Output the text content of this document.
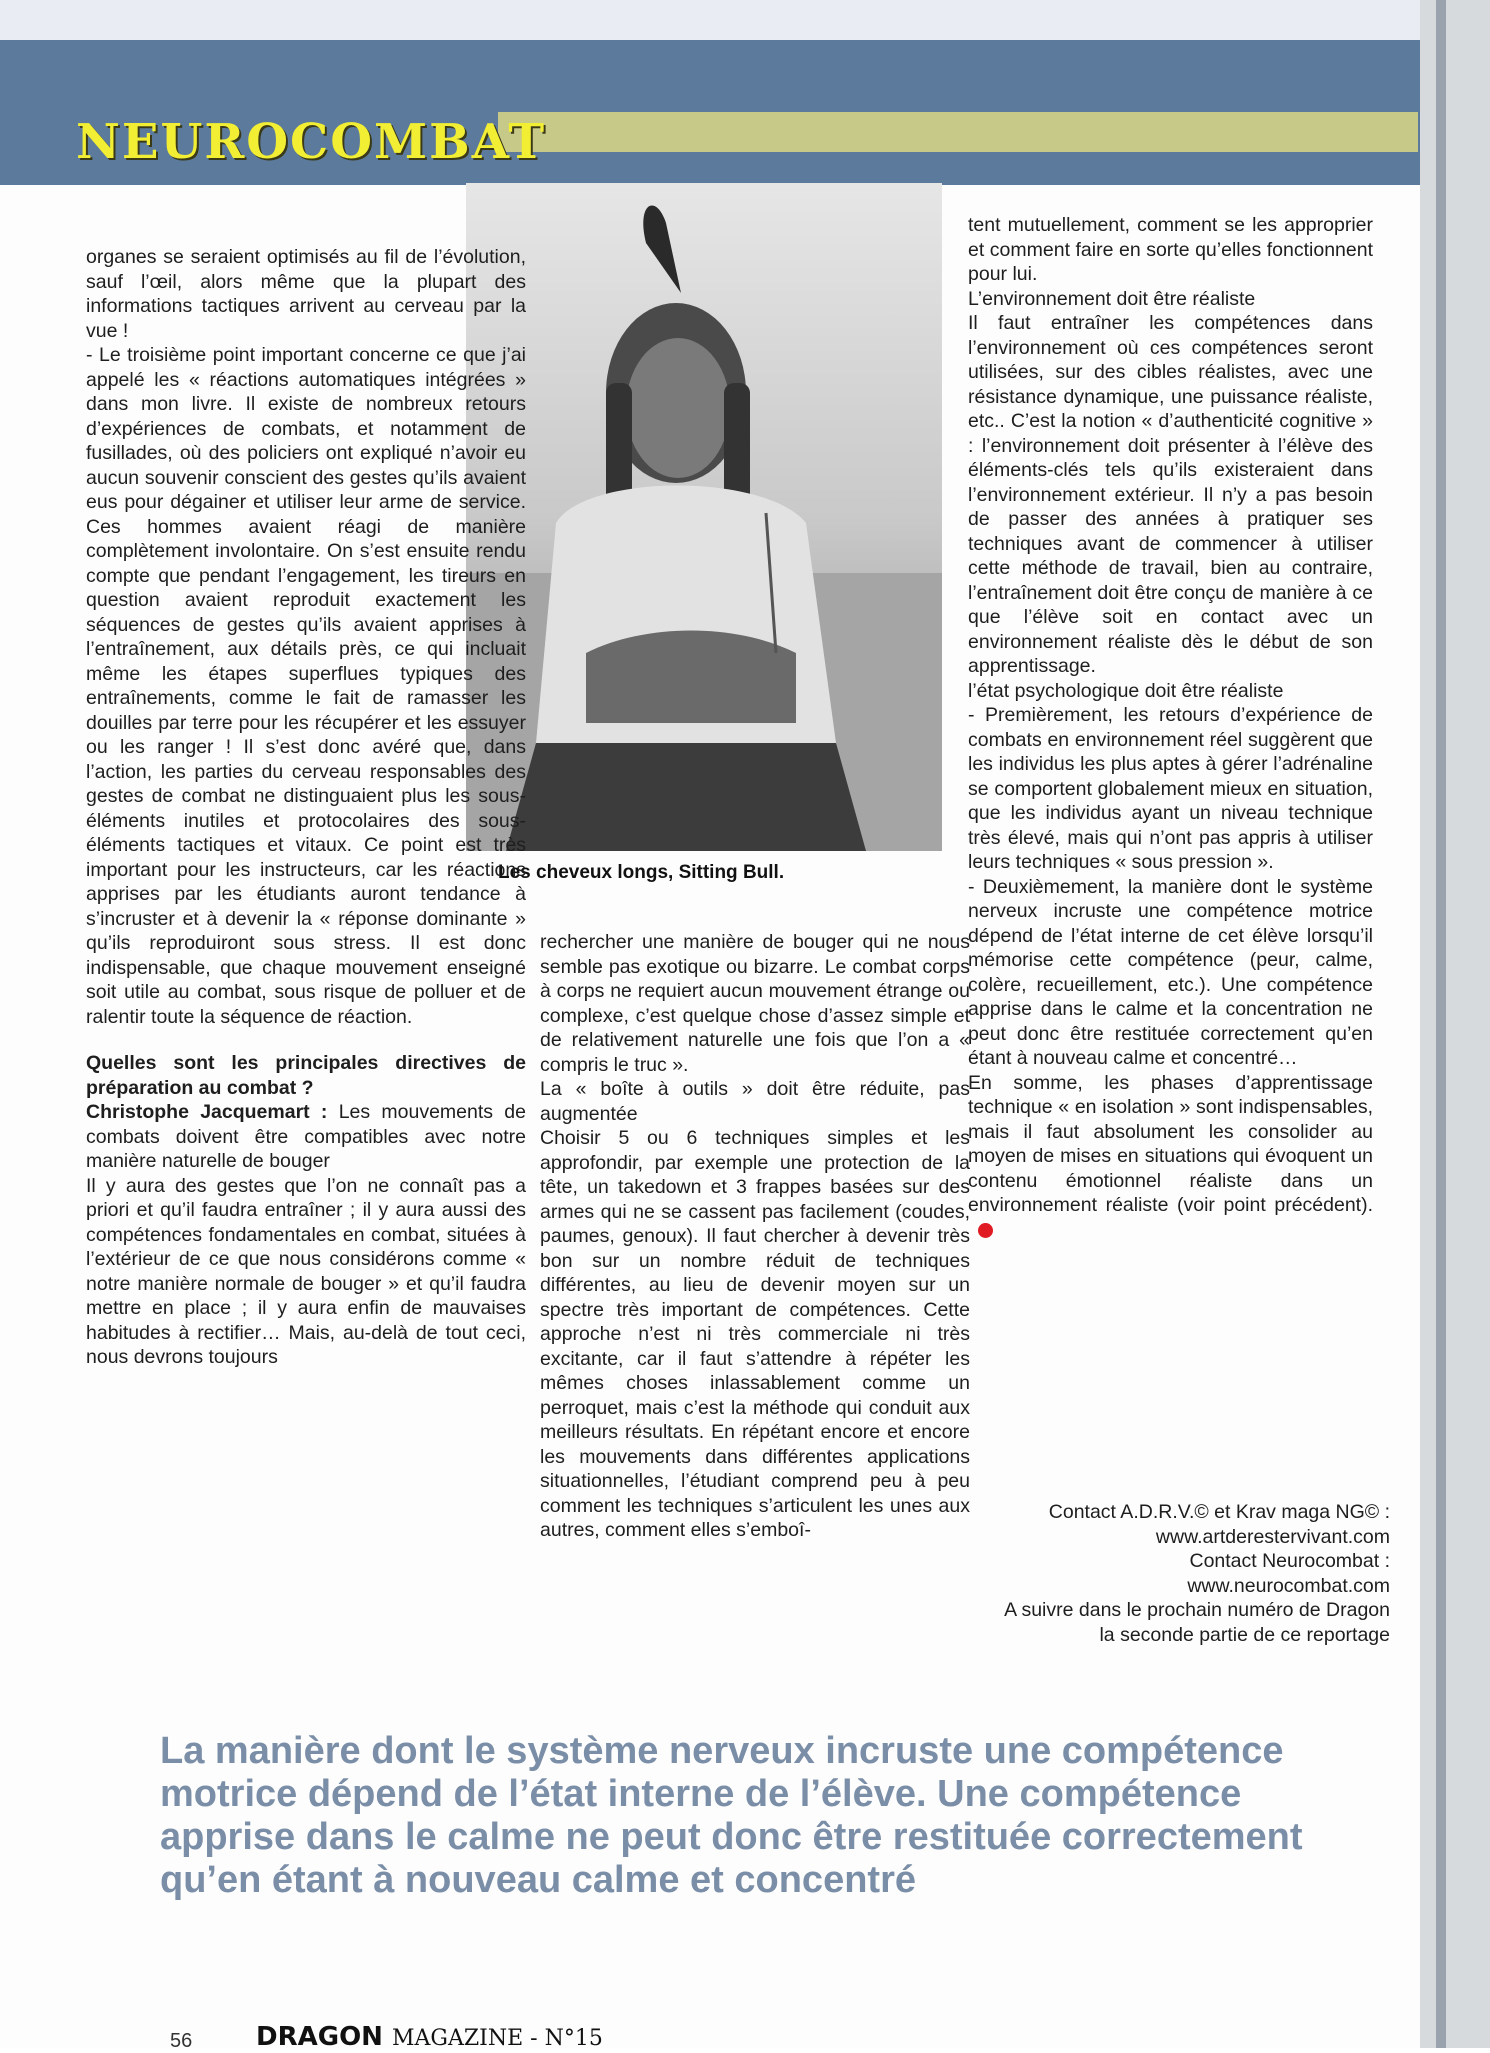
NEUROCOMBAT
Les cheveux longs, Sitting Bull.

organes se seraient optimisés au fil de l’évolution, sauf l’œil, alors même que la plupart des informations tactiques arrivent au cerveau par la vue !

- Le troisième point important concerne ce que j’ai appelé les « réactions automatiques intégrées » dans mon livre. Il existe de nombreux retours d’expériences de combats, et notamment de fusillades, où des policiers ont expliqué n’avoir eu aucun souvenir conscient des gestes qu’ils avaient eus pour dégainer et utiliser leur arme de service. Ces hommes avaient réagi de manière complètement involontaire. On s’est ensuite rendu compte que pendant l’engagement, les tireurs en question avaient reproduit exactement les séquences de gestes qu’ils avaient apprises à l’entraînement, aux détails près, ce qui incluait même les étapes superflues typiques des entraînements, comme le fait de ramasser les douilles par terre pour les récupérer et les essuyer ou les ranger ! Il s’est donc avéré que, dans l’action, les parties du cerveau responsables des gestes de combat ne distinguaient plus les sous-éléments inutiles et protocolaires des sous-éléments tactiques et vitaux. Ce point est très important pour les instructeurs, car les réactions apprises par les étudiants auront tendance à s’incruster et à devenir la « réponse dominante » qu’ils reproduiront sous stress. Il est donc indispensable, que chaque mouvement enseigné soit utile au combat, sous risque de polluer et de ralentir toute la séquence de réaction.

Quelles sont les principales directives de préparation au combat ?

Christophe Jacquemart : Les mouvements de combats doivent être compatibles avec notre manière naturelle de bouger

Il y aura des gestes que l’on ne connaît pas a priori et qu’il faudra entraîner ; il y aura aussi des compétences fondamentales en combat, situées à l’extérieur de ce que nous considérons comme « notre manière normale de bouger » et qu’il faudra mettre en place ; il y aura enfin de mauvaises habitudes à rectifier… Mais, au-delà de tout ceci, nous devrons toujours

rechercher une manière de bouger qui ne nous semble pas exotique ou bizarre. Le combat corps à corps ne requiert aucun mouvement étrange ou complexe, c’est quelque chose d’assez simple et de relativement naturelle une fois que l’on a « compris le truc ».

La « boîte à outils » doit être réduite, pas augmentée

Choisir 5 ou 6 techniques simples et les approfondir, par exemple une protection de la tête, un takedown et 3 frappes basées sur des armes qui ne se cassent pas facilement (coudes, paumes, genoux). Il faut chercher à devenir très bon sur un nombre réduit de techniques différentes, au lieu de devenir moyen sur un spectre très important de compétences. Cette approche n’est ni très commerciale ni très excitante, car il faut s’attendre à répéter les mêmes choses inlassablement comme un perroquet, mais c’est la méthode qui conduit aux meilleurs résultats. En répétant encore et encore les mouvements dans différentes applications situationnelles, l’étudiant comprend peu à peu comment les techniques s’articulent les unes aux autres, comment elles s’emboî-

tent mutuellement, comment se les approprier et comment faire en sorte qu’elles fonctionnent pour lui.

L’environnement doit être réaliste

Il faut entraîner les compétences dans l’environnement où ces compétences seront utilisées, sur des cibles réalistes, avec une résistance dynamique, une puissance réaliste, etc.. C’est la notion « d’authenticité cognitive » : l’environnement doit présenter à l’élève des éléments-clés tels qu’ils existeraient dans l’environnement extérieur. Il n’y a pas besoin de passer des années à pratiquer ses techniques avant de commencer à utiliser cette méthode de travail, bien au contraire, l’entraînement doit être conçu de manière à ce que l’élève soit en contact avec un environnement réaliste dès le début de son apprentissage.

l’état psychologique doit être réaliste

- Premièrement, les retours d’expérience de combats en environnement réel suggèrent que les individus les plus aptes à gérer l’adrénaline se comportent globalement mieux en situation, que les individus ayant un niveau technique très élevé, mais qui n’ont pas appris à utiliser leurs techniques « sous pression ».

- Deuxièmement, la manière dont le système nerveux incruste une compétence motrice dépend de l’état interne de cet élève lorsqu’il mémorise cette compétence (peur, calme, colère, recueillement, etc.). Une compétence apprise dans le calme et la concentration ne peut donc être restituée correctement qu’en étant à nouveau calme et concentré…

En somme, les phases d’apprentissage technique « en isolation » sont indispensables, mais il faut absolument les consolider au moyen de mises en situations qui évoquent un contenu émotionnel réaliste dans un environnement réaliste (voir point précédent).

Contact A.D.R.V.© et Krav maga NG© :
www.artderestervivant.com
Contact Neurocombat :
www.neurocombat.com
A suivre dans le prochain numéro de Dragon la seconde partie de ce reportage

La manière dont le système nerveux incruste une compétence motrice dépend de l’état interne de l’élève. Une compétence apprise dans le calme ne peut donc être restituée correctement qu’en étant à nouveau calme et concentré

56 DRAGON MAGAZINE - N°15
